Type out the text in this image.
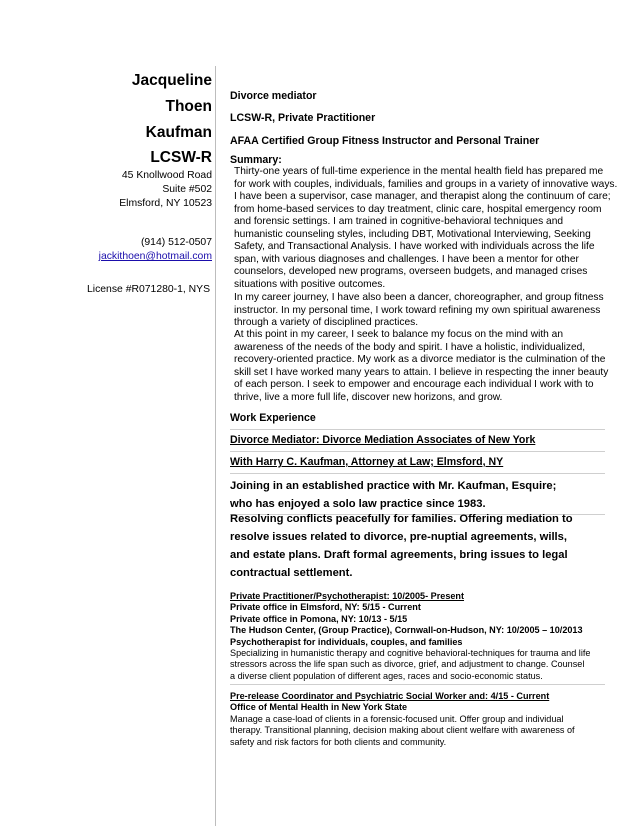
Jacqueline
Thoen
Kaufman
LCSW-R
45 Knollwood Road
Suite #502
Elmsford, NY 10523
(914) 512-0507
jackithoen@hotmail.com
License #R071280-1, NYS

Divorce mediator

LCSW-R, Private Practitioner

AFAA Certified Group Fitness Instructor and Personal Trainer

Summary:

Thirty-one years of full-time experience in the mental health field has prepared me
for work with couples, individuals, families and groups in a variety of innovative ways.
I have been a supervisor, case manager, and therapist along the continuum of care;
from home-based services to day treatment, clinic care, hospital emergency room
and forensic settings. I am trained in cognitive-behavioral techniques and
humanistic counseling styles, including DBT, Motivational Interviewing, Seeking
Safety, and Transactional Analysis. I have worked with individuals across the life
span, with various diagnoses and challenges. I have been a mentor for other
counselors, developed new programs, overseen budgets, and managed crises
situations with positive outcomes.
In my career journey, I have also been a dancer, choreographer, and group fitness
instructor. In my personal time, I work toward refining my own spiritual awareness
through a variety of disciplined practices.
At this point in my career, I seek to balance my focus on the mind with an
awareness of the needs of the body and spirit. I have a holistic, individualized,
recovery-oriented practice. My work as a divorce mediator is the culmination of the
skill set I have worked many years to attain. I believe in respecting the inner beauty
of each person. I seek to empower and encourage each individual I work with to
thrive, live a more full life, discover new horizons, and grow.

Work Experience

Divorce Mediator: Divorce Mediation Associates of New York

With Harry C. Kaufman, Attorney at Law; Elmsford, NY

Joining in an established practice with Mr. Kaufman, Esquire;
who has enjoyed a solo law practice since 1983.
Resolving conflicts peacefully for families. Offering mediation to
resolve issues related to divorce, pre-nuptial agreements, wills,
and estate plans. Draft formal agreements, bring issues to legal
contractual settlement.
Private Practitioner/Psychotherapist: 10/2005- Present
Private office in Elmsford, NY: 5/15 - Current
Private office in Pomona, NY: 10/13 - 5/15
The Hudson Center, (Group Practice), Cornwall-on-Hudson, NY: 10/2005 – 10/2013
Psychotherapist for individuals, couples, and families
Specializing in humanistic therapy and cognitive behavioral-techniques for trauma and life
stressors across the life span such as divorce, grief, and adjustment to change. Counsel
a diverse client population of different ages, races and socio-economic status.
Pre-release Coordinator and Psychiatric Social Worker and: 4/15 - Current
Office of Mental Health in New York State
Manage a case-load of clients in a forensic-focused unit. Offer group and individual
therapy. Transitional planning, decision making about client welfare with awareness of
safety and risk factors for both clients and community.
